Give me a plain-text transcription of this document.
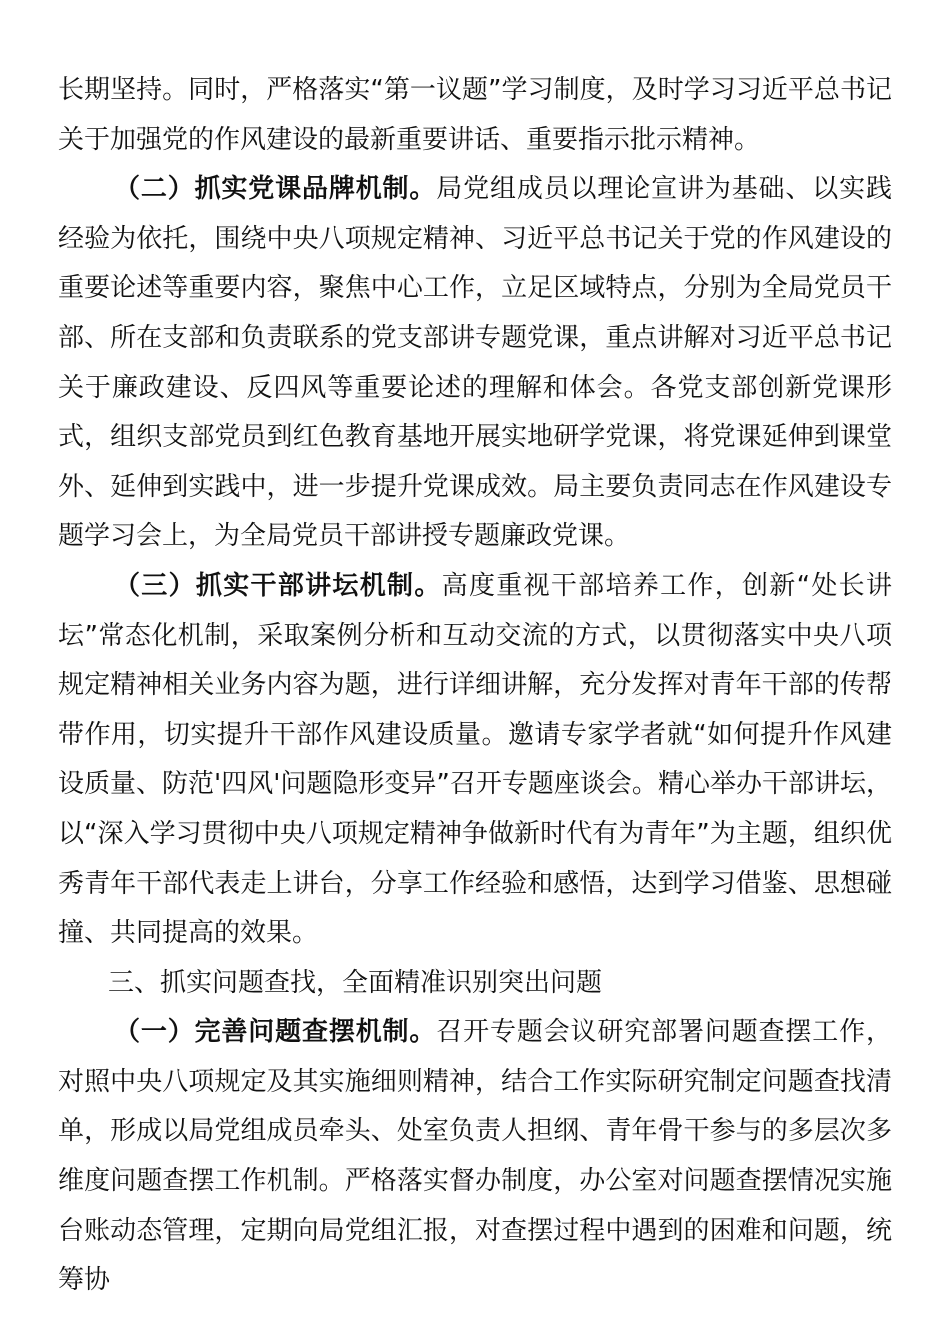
长期坚持。同时，严格落实“第一议题”学习制度，及时学习习近平总书记关于加强党的作风建设的最新重要讲话、重要指示批示精神。

（二）抓实党课品牌机制。局党组成员以理论宣讲为基础、以实践经验为依托，围绕中央八项规定精神、习近平总书记关于党的作风建设的重要论述等重要内容，聚焦中心工作，立足区域特点，分别为全局党员干部、所在支部和负责联系的党支部讲专题党课，重点讲解对习近平总书记关于廉政建设、反四风等重要论述的理解和体会。各党支部创新党课形式，组织支部党员到红色教育基地开展实地研学党课，将党课延伸到课堂外、延伸到实践中，进一步提升党课成效。局主要负责同志在作风建设专题学习会上，为全局党员干部讲授专题廉政党课。

（三）抓实干部讲坛机制。高度重视干部培养工作，创新“处长讲坛”常态化机制，采取案例分析和互动交流的方式，以贯彻落实中央八项规定精神相关业务内容为题，进行详细讲解，充分发挥对青年干部的传帮带作用，切实提升干部作风建设质量。邀请专家学者就“如何提升作风建设质量、防范'四风'问题隐形变异”召开专题座谈会。精心举办干部讲坛，以“深入学习贯彻中央八项规定精神争做新时代有为青年”为主题，组织优秀青年干部代表走上讲台，分享工作经验和感悟，达到学习借鉴、思想碰撞、共同提高的效果。

三、抓实问题查找，全面精准识别突出问题

（一）完善问题查摆机制。召开专题会议研究部署问题查摆工作，对照中央八项规定及其实施细则精神，结合工作实际研究制定问题查找清单，形成以局党组成员牵头、处室负责人担纲、青年骨干参与的多层次多维度问题查摆工作机制。严格落实督办制度，办公室对问题查摆情况实施台账动态管理，定期向局党组汇报，对查摆过程中遇到的困难和问题，统筹协
